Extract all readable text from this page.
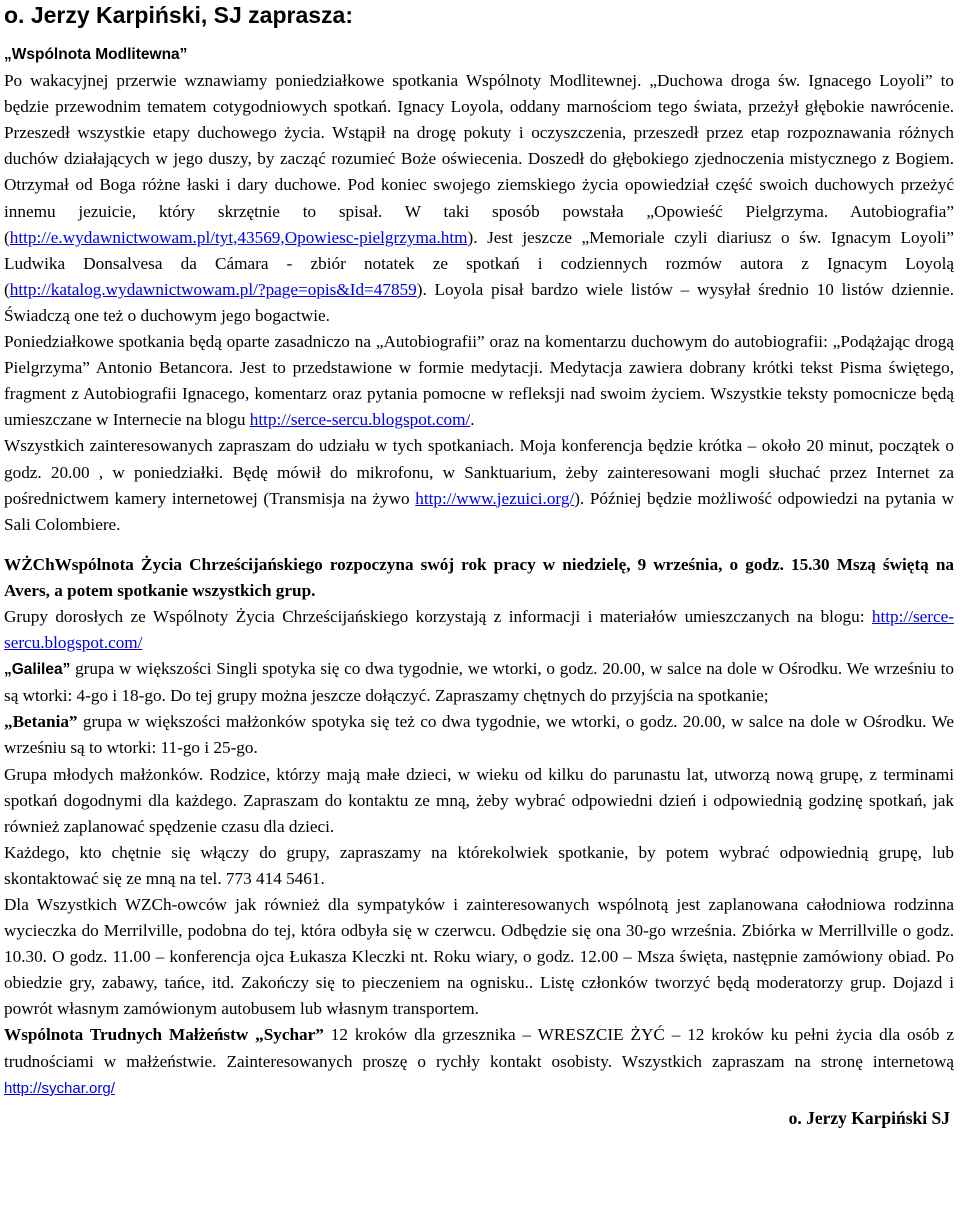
o. Jerzy Karpiński, SJ zaprasza:

„Wspólnota Modlitewna”
Po wakacyjnej przerwie wznawiamy poniedziałkowe spotkania Wspólnoty Modlitewnej. „Duchowa droga św. Ignacego Loyoli” to będzie przewodnim tematem cotygodniowych spotkań. Ignacy Loyola, oddany marnościom tego świata, przeżył głębokie nawrócenie. Przeszedł wszystkie etapy duchowego życia. Wstąpił na drogę pokuty i oczyszczenia, przeszedł przez etap rozpoznawania różnych duchów działających w jego duszy, by zacząć rozumieć Boże oświecenia. Doszedł do głębokiego zjednoczenia mistycznego z Bogiem. Otrzymał od Boga różne łaski i dary duchowe. Pod koniec swojego ziemskiego życia opowiedział część swoich duchowych przeżyć innemu jezuicie, który skrzętnie to spisał. W taki sposób powstała „Opowieść Pielgrzyma. Autobiografia” (http://e.wydawnictwowam.pl/tyt,43569,Opowiesc-pielgrzyma.htm). Jest jeszcze „Memoriale czyli diariusz o św. Ignacym Loyoli” Ludwika Donsalvesa da Cámara - zbiór notatek ze spotkań i codziennych rozmów autora z Ignacym Loyolą (http://katalog.wydawnictwowam.pl/?page=opis&Id=47859). Loyola pisał bardzo wiele listów – wysyłał średnio 10 listów dziennie. Świadczą one też o duchowym jego bogactwie.

Poniedziałkowe spotkania będą oparte zasadniczo na „Autobiografii” oraz na komentarzu duchowym do autobiografii: „Podążając drogą Pielgrzyma” Antonio Betancora. Jest to przedstawione w formie medytacji. Medytacja zawiera dobrany krótki tekst Pisma świętego, fragment z Autobiografii Ignacego, komentarz oraz pytania pomocne w refleksji nad swoim życiem. Wszystkie teksty pomocnicze będą umieszczane w Internecie na blogu http://serce-sercu.blogspot.com/.

Wszystkich zainteresowanych zapraszam do udziału w tych spotkaniach. Moja konferencja będzie krótka – około 20 minut, początek o godz. 20.00 , w poniedziałki. Będę mówił do mikrofonu, w Sanktuarium, żeby zainteresowani mogli słuchać przez Internet za pośrednictwem kamery internetowej (Transmisja na żywo http://www.jezuici.org/). Później będzie możliwość odpowiedzi na pytania w Sali Colombiere.

WŻChWspólnota Życia Chrześcijańskiego rozpoczyna swój rok pracy w niedzielę, 9 września, o godz. 15.30 Mszą świętą na Avers, a potem spotkanie wszystkich grup.

Grupy dorosłych ze Wspólnoty Życia Chrześcijańskiego korzystają z informacji i materiałów umieszczanych na blogu: http://serce-sercu.blogspot.com/

„Galilea” grupa w większości Singli spotyka się co dwa tygodnie, we wtorki, o godz. 20.00, w salce na dole w Ośrodku. We wrześniu to są wtorki: 4-go i 18-go. Do tej grupy można jeszcze dołączyć. Zapraszamy chętnych do przyjścia na spotkanie;

„Betania” grupa w większości małżonków spotyka się też co dwa tygodnie, we wtorki, o godz. 20.00, w salce na dole w Ośrodku. We wrześniu są to wtorki: 11-go i 25-go.

Grupa młodych małżonków. Rodzice, którzy mają małe dzieci, w wieku od kilku do parunastu lat, utworzą nową grupę, z terminami spotkań dogodnymi dla każdego. Zapraszam do kontaktu ze mną, żeby wybrać odpowiedni dzień i odpowiednią godzinę spotkań, jak również zaplanować spędzenie czasu dla dzieci.

Każdego, kto chętnie się włączy do grupy, zapraszamy na którekolwiek spotkanie, by potem wybrać odpowiednią grupę, lub skontaktować się ze mną na tel. 773 414 5461.

Dla Wszystkich WZCh-owców jak również dla sympatyków i zainteresowanych wspólnotą jest zaplanowana całodniowa rodzinna wycieczka do Merrilville, podobna do tej, która odbyła się w czerwcu. Odbędzie się ona 30-go września. Zbiórka w Merrillville o godz. 10.30. O godz. 11.00 – konferencja ojca Łukasza Kleczki nt. Roku wiary, o godz. 12.00 – Msza święta, następnie zamówiony obiad. Po obiedzie gry, zabawy, tańce, itd. Zakończy się to pieczeniem na ognisku.. Listę członków tworzyć będą moderatorzy grup. Dojazd i powrót własnym zamówionym autobusem lub własnym transportem.

Wspólnota Trudnych Małżeństw „Sychar” 12 kroków dla grzesznika – WRESZCIE ŻYĆ – 12 kroków ku pełni życia dla osób z trudnościami w małżeństwie. Zainteresowanych proszę o rychły kontakt osobisty. Wszystkich zapraszam na stronę internetową http://sychar.org/

o. Jerzy Karpiński SJ
